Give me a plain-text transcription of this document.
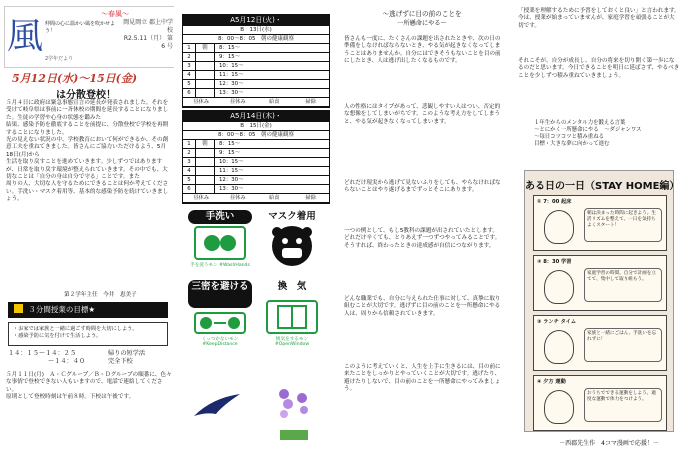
風
～春風～
仲間の心に温かい風を吹かせよう！
岡見岡立 郡上中学校
R2.5.11（月） 第 6 号
2学年だより
5月12日(水)～15日(金)
は分散登校！
５月４日に政府は緊急事態宣言の延長が発表されました。それを受けて岐阜県は事前に一斉休校の期間を延長することになりました。生徒の学習や心身の状態を鑑みた
結果、感染予防を徹底することを前提に、分散登校で学校を再開することになりました。
光の見えない状況の中、学校教育において何ができるか、その創意工夫を重ねてきました。皆さんにご協力いただけるよう、5月18日(月)から
生活を取り戻すことを進めていきます。少しずつではありますが、日常を取り戻す環境が整えられていきます。その中でも、大切なことは「自分の身は自分で守る」ことです。また
周りの人、大切な人を守るためにできることは何か考えてください。手洗い・マスク着用等、基本的な感染予防を続けていきましょう。
第２学年主任　今井　恵美子
３分間授業の目標★
・お家では家族と一緒に過ごす時間を大切にしよう。
・感染予防に気を付けて生活しよう。
１４：１５～１４：２５	帰りの短学活
～１４：４０	完全下校
５月１１日(月)　Ａ・Ｃグループ／Ｂ・Ｄグループの順番に、色々な事情で登校できない人もいますので、電話で連絡してください。
原則として登校時刻は午前８時。下校は午後です。
A5月12日(火)・
B　13日(水)
8：00～8：05　朝の健康観察
1	朝	8：15～
2	9：15～
3	10：15～
4	11：15～
5	12：30～
6	13：30～
昼休み	昼休み	給食	掃除
A5月14日(木)・
B　15日(金)
8：00～8：05　朝の健康観察
1	朝	8：15～
2	9：15～
3	10：15～
4	11：15～
5	12：30～
6	13：30～
昼休み	昼休み	給食	掃除
手洗い
手を洗うモン #WashHands
マスク着用
三密を避ける
くっつかないモン #KeepDistance
換　気
換気をするモン #OpenWindow
～逃げずに目の前のことを
一所懸命にやる～
皆さんも一度に、たくさんの課題を出されたときや、次の日の準備をしなければならないとき、やる気が起きなくなってしまうことはありませんか。自分にはできそうもないことを目の前にしたとき、人は逃げ出したくなるものです。
人の性格にはタイプがあって、悲観しやすい人はつい、否定的な想像をしてしまいがちです。このような考え方をしてしまうと、やる気が起きなくなってしまいます。
どれだけ現実から逃げて見ないふりをしても、やらなければならないことはやり遂げるまでずっとそこにあります。
一つの例として、もし5教科の課題が出されていたとします。どれだけ辛くても、とりあえず一つずつやってみることです。そうすれば、終わったときの達成感が自信につながります。
どんな職業でも、自分に与えられた仕事に対して、真摯に取り組むことが大切です。逃げずに目の前のことを一所懸命にやる人は、周りから信頼されていきます。
このように考えていくと、人生を上手に生きるには、目の前に来たことをしっかりとやっていくことが大切です。逃げたり、避けたりしないで、目の前のことを一所懸命にやってみましょう。
「授業を理解するために予習をしておくと良い」と言われます。今は、授業が始まっていませんが、家庭学習を頑張ることが大切です。
それこそが、自分が成長し、自分の将来を切り開く第一歩になるのだと思います。今日できることを明日に延ばさず、やるべきことを少しずつ積み重ねていきましょう。
１年生からのメンタル力を鍛える言葉
～とにかく一所懸命にやる　～ダジャンワス
～毎日コツコツと積み重ねる
目標・大きな夢に向かって進む
ある日の一日（STAY HOME編）
① 7：00 起床
朝は決まった時間に起きよう。生活リズムを整えて、一日を気持ちよくスタート！
② 8：30 学習
家庭学習の時間。自分で計画を立てて、集中して取り組もう。
③ ランチ タイム
家族と一緒にごはん。手洗いを忘れずに！
④ 夕方 運動
おうちでできる運動をしよう。適度な運動で体力をつけよう。
－西郡先生作　4コマ漫画で応援！－
